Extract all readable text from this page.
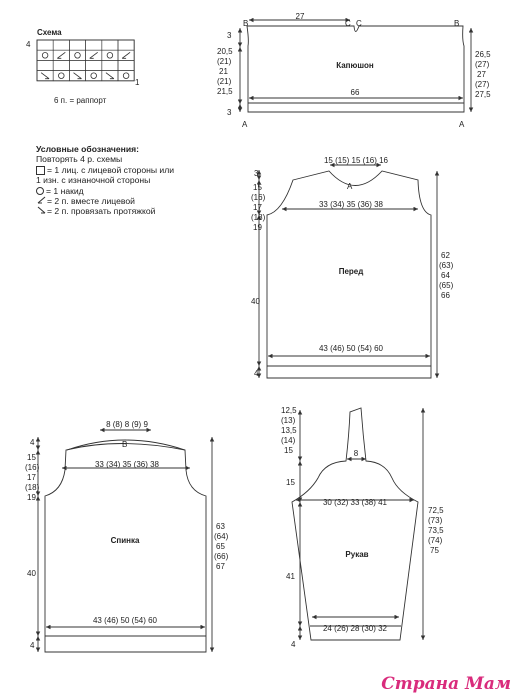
Схема
4
1
6 п. = раппорт
27
B	C C	B
3
20,5
(21)
21
(21)
21,5
3
26,5
(27)
27
(27)
27,5
Капюшон
66
A	A
15 (15) 15 (16) 16
A
33 (34) 35 (36) 38
3
15
(16)
17
(18)
19
40
4
62
(63)
64
(65)
66
Перед
43 (46) 50 (54) 60
8 (8) 8 (9) 9
B
33 (34) 35 (36) 38
4
15
(16)
17
(18)
19
40
4
63
(64)
65
(66)
67
Спинка
43 (46) 50 (54) 60
12,5
(13)
13,5
(14)
15	8
15
30 (32) 33 (38) 41
41
4
Рукав
24 (26) 28 (30) 32
72,5
(73)
73,5
(74)
75
Условные обозначения:
Повторять 4 р. схемы
= 1 лиц. с лицевой стороны или
1 изн. с изнаночной стороны
= 1 накид
= 2 п. вместе лицевой
= 2 п. провязать протяжкой
Страна Мам
